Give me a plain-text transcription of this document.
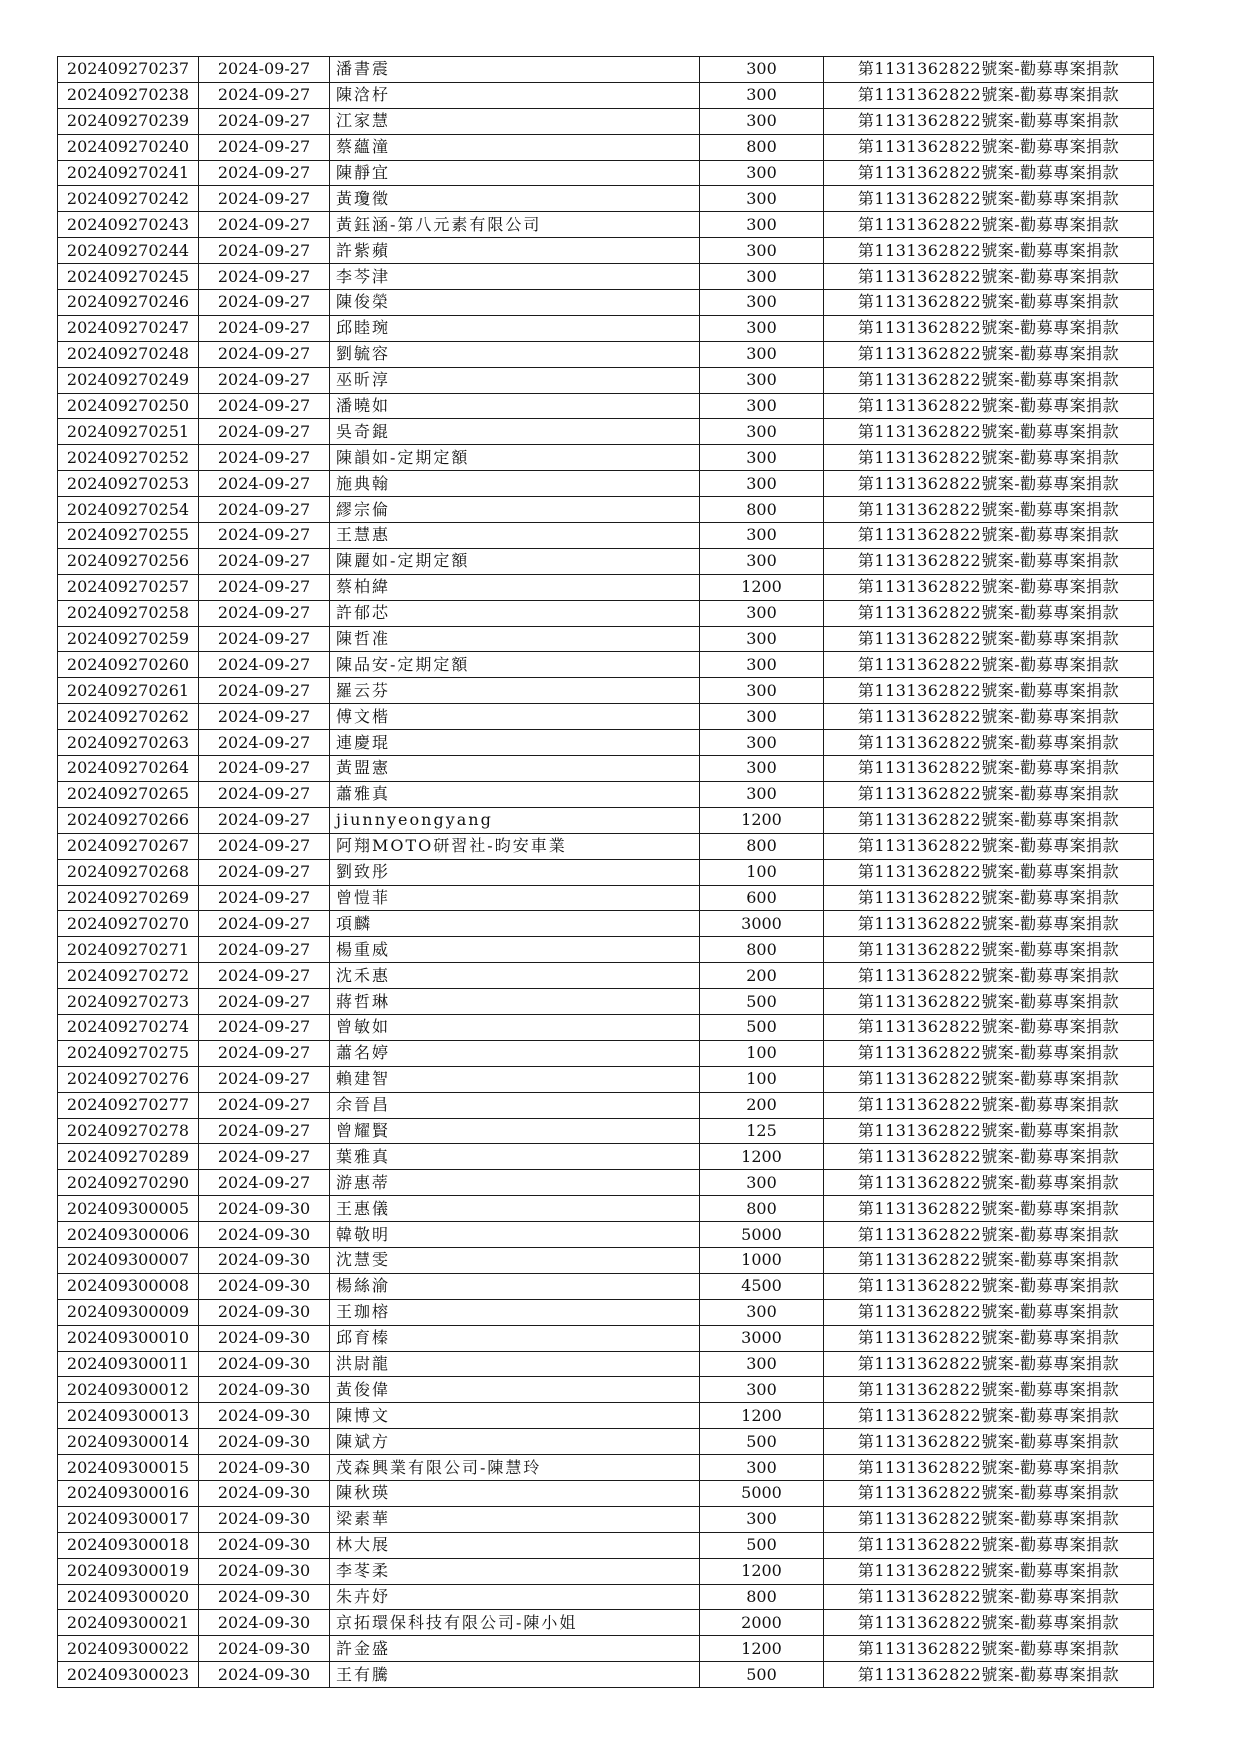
202409270237	2024-09-27	潘書震	300	第1131362822號案-勸募專案捐款
202409270238	2024-09-27	陳浛杍	300	第1131362822號案-勸募專案捐款
202409270239	2024-09-27	江家慧	300	第1131362822號案-勸募專案捐款
202409270240	2024-09-27	蔡蘊潼	800	第1131362822號案-勸募專案捐款
202409270241	2024-09-27	陳靜宜	300	第1131362822號案-勸募專案捐款
202409270242	2024-09-27	黃瓊徵	300	第1131362822號案-勸募專案捐款
202409270243	2024-09-27	黃鈺涵-第八元素有限公司	300	第1131362822號案-勸募專案捐款
202409270244	2024-09-27	許紫蘋	300	第1131362822號案-勸募專案捐款
202409270245	2024-09-27	李芩津	300	第1131362822號案-勸募專案捐款
202409270246	2024-09-27	陳俊榮	300	第1131362822號案-勸募專案捐款
202409270247	2024-09-27	邱睦琬	300	第1131362822號案-勸募專案捐款
202409270248	2024-09-27	劉毓容	300	第1131362822號案-勸募專案捐款
202409270249	2024-09-27	巫昕淳	300	第1131362822號案-勸募專案捐款
202409270250	2024-09-27	潘曉如	300	第1131362822號案-勸募專案捐款
202409270251	2024-09-27	吳奇錕	300	第1131362822號案-勸募專案捐款
202409270252	2024-09-27	陳韻如-定期定額	300	第1131362822號案-勸募專案捐款
202409270253	2024-09-27	施典翰	300	第1131362822號案-勸募專案捐款
202409270254	2024-09-27	繆宗倫	800	第1131362822號案-勸募專案捐款
202409270255	2024-09-27	王慧惠	300	第1131362822號案-勸募專案捐款
202409270256	2024-09-27	陳麗如-定期定額	300	第1131362822號案-勸募專案捐款
202409270257	2024-09-27	蔡柏緯	1200	第1131362822號案-勸募專案捐款
202409270258	2024-09-27	許郁芯	300	第1131362822號案-勸募專案捐款
202409270259	2024-09-27	陳哲准	300	第1131362822號案-勸募專案捐款
202409270260	2024-09-27	陳品安-定期定額	300	第1131362822號案-勸募專案捐款
202409270261	2024-09-27	羅云芬	300	第1131362822號案-勸募專案捐款
202409270262	2024-09-27	傅文楷	300	第1131362822號案-勸募專案捐款
202409270263	2024-09-27	連慶琨	300	第1131362822號案-勸募專案捐款
202409270264	2024-09-27	黃盟憲	300	第1131362822號案-勸募專案捐款
202409270265	2024-09-27	蕭雅真	300	第1131362822號案-勸募專案捐款
202409270266	2024-09-27	jiunnyeongyang	1200	第1131362822號案-勸募專案捐款
202409270267	2024-09-27	阿翔MOTO研習社-昀安車業	800	第1131362822號案-勸募專案捐款
202409270268	2024-09-27	劉致彤	100	第1131362822號案-勸募專案捐款
202409270269	2024-09-27	曾愷菲	600	第1131362822號案-勸募專案捐款
202409270270	2024-09-27	項麟	3000	第1131362822號案-勸募專案捐款
202409270271	2024-09-27	楊重威	800	第1131362822號案-勸募專案捐款
202409270272	2024-09-27	沈禾惠	200	第1131362822號案-勸募專案捐款
202409270273	2024-09-27	蔣哲琳	500	第1131362822號案-勸募專案捐款
202409270274	2024-09-27	曾敏如	500	第1131362822號案-勸募專案捐款
202409270275	2024-09-27	蕭名婷	100	第1131362822號案-勸募專案捐款
202409270276	2024-09-27	賴建智	100	第1131362822號案-勸募專案捐款
202409270277	2024-09-27	余晉昌	200	第1131362822號案-勸募專案捐款
202409270278	2024-09-27	曾耀賢	125	第1131362822號案-勸募專案捐款
202409270289	2024-09-27	葉雅真	1200	第1131362822號案-勸募專案捐款
202409270290	2024-09-27	游惠蒂	300	第1131362822號案-勸募專案捐款
202409300005	2024-09-30	王惠儀	800	第1131362822號案-勸募專案捐款
202409300006	2024-09-30	韓敬明	5000	第1131362822號案-勸募專案捐款
202409300007	2024-09-30	沈慧雯	1000	第1131362822號案-勸募專案捐款
202409300008	2024-09-30	楊絲渝	4500	第1131362822號案-勸募專案捐款
202409300009	2024-09-30	王珈榕	300	第1131362822號案-勸募專案捐款
202409300010	2024-09-30	邱育榛	3000	第1131362822號案-勸募專案捐款
202409300011	2024-09-30	洪尉龍	300	第1131362822號案-勸募專案捐款
202409300012	2024-09-30	黃俊偉	300	第1131362822號案-勸募專案捐款
202409300013	2024-09-30	陳博文	1200	第1131362822號案-勸募專案捐款
202409300014	2024-09-30	陳斌方	500	第1131362822號案-勸募專案捐款
202409300015	2024-09-30	茂森興業有限公司-陳慧玲	300	第1131362822號案-勸募專案捐款
202409300016	2024-09-30	陳秋瑛	5000	第1131362822號案-勸募專案捐款
202409300017	2024-09-30	梁素華	300	第1131362822號案-勸募專案捐款
202409300018	2024-09-30	林大展	500	第1131362822號案-勸募專案捐款
202409300019	2024-09-30	李苳柔	1200	第1131362822號案-勸募專案捐款
202409300020	2024-09-30	朱卉妤	800	第1131362822號案-勸募專案捐款
202409300021	2024-09-30	京拓環保科技有限公司-陳小姐	2000	第1131362822號案-勸募專案捐款
202409300022	2024-09-30	許金盛	1200	第1131362822號案-勸募專案捐款
202409300023	2024-09-30	王有騰	500	第1131362822號案-勸募專案捐款
